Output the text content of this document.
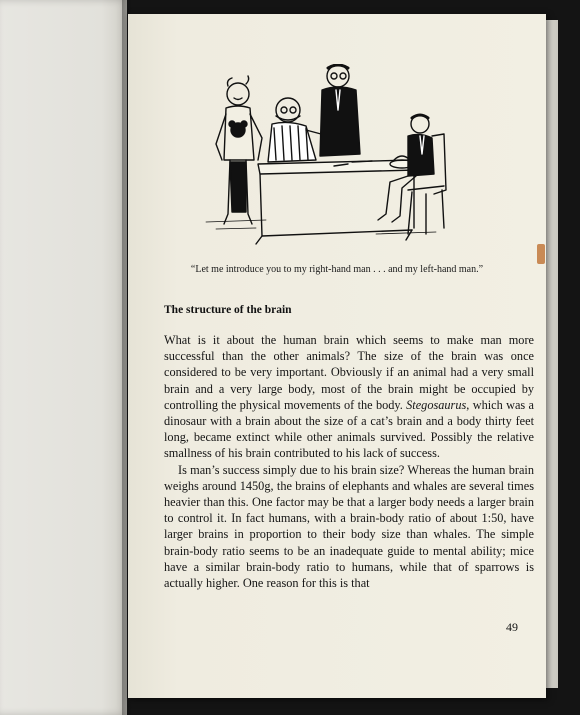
“Let me introduce you to my right-hand man . . . and my left-hand man.”
The structure of the brain

What is it about the human brain which seems to make man more successful than the other animals? The size of the brain was once considered to be very important. Obviously if an animal had a very small brain and a very large body, most of the brain might be occupied by controlling the physical movements of the body. Stegosaurus, which was a dinosaur with a brain about the size of a cat’s brain and a body thirty feet long, became extinct while other animals survived. Possibly the relative smallness of his brain contributed to his lack of success.

Is man’s success simply due to his brain size? Whereas the human brain weighs around 1450g, the brains of elephants and whales are several times heavier than this. One factor may be that a larger body needs a larger brain to control it. In fact humans, with a brain-body ratio of about 1:50, have larger brains in proportion to their body size than whales. The simple brain-body ratio seems to be an inadequate guide to mental ability; mice have a similar brain-body ratio to humans, while that of sparrows is actually higher. One reason for this is that

49
